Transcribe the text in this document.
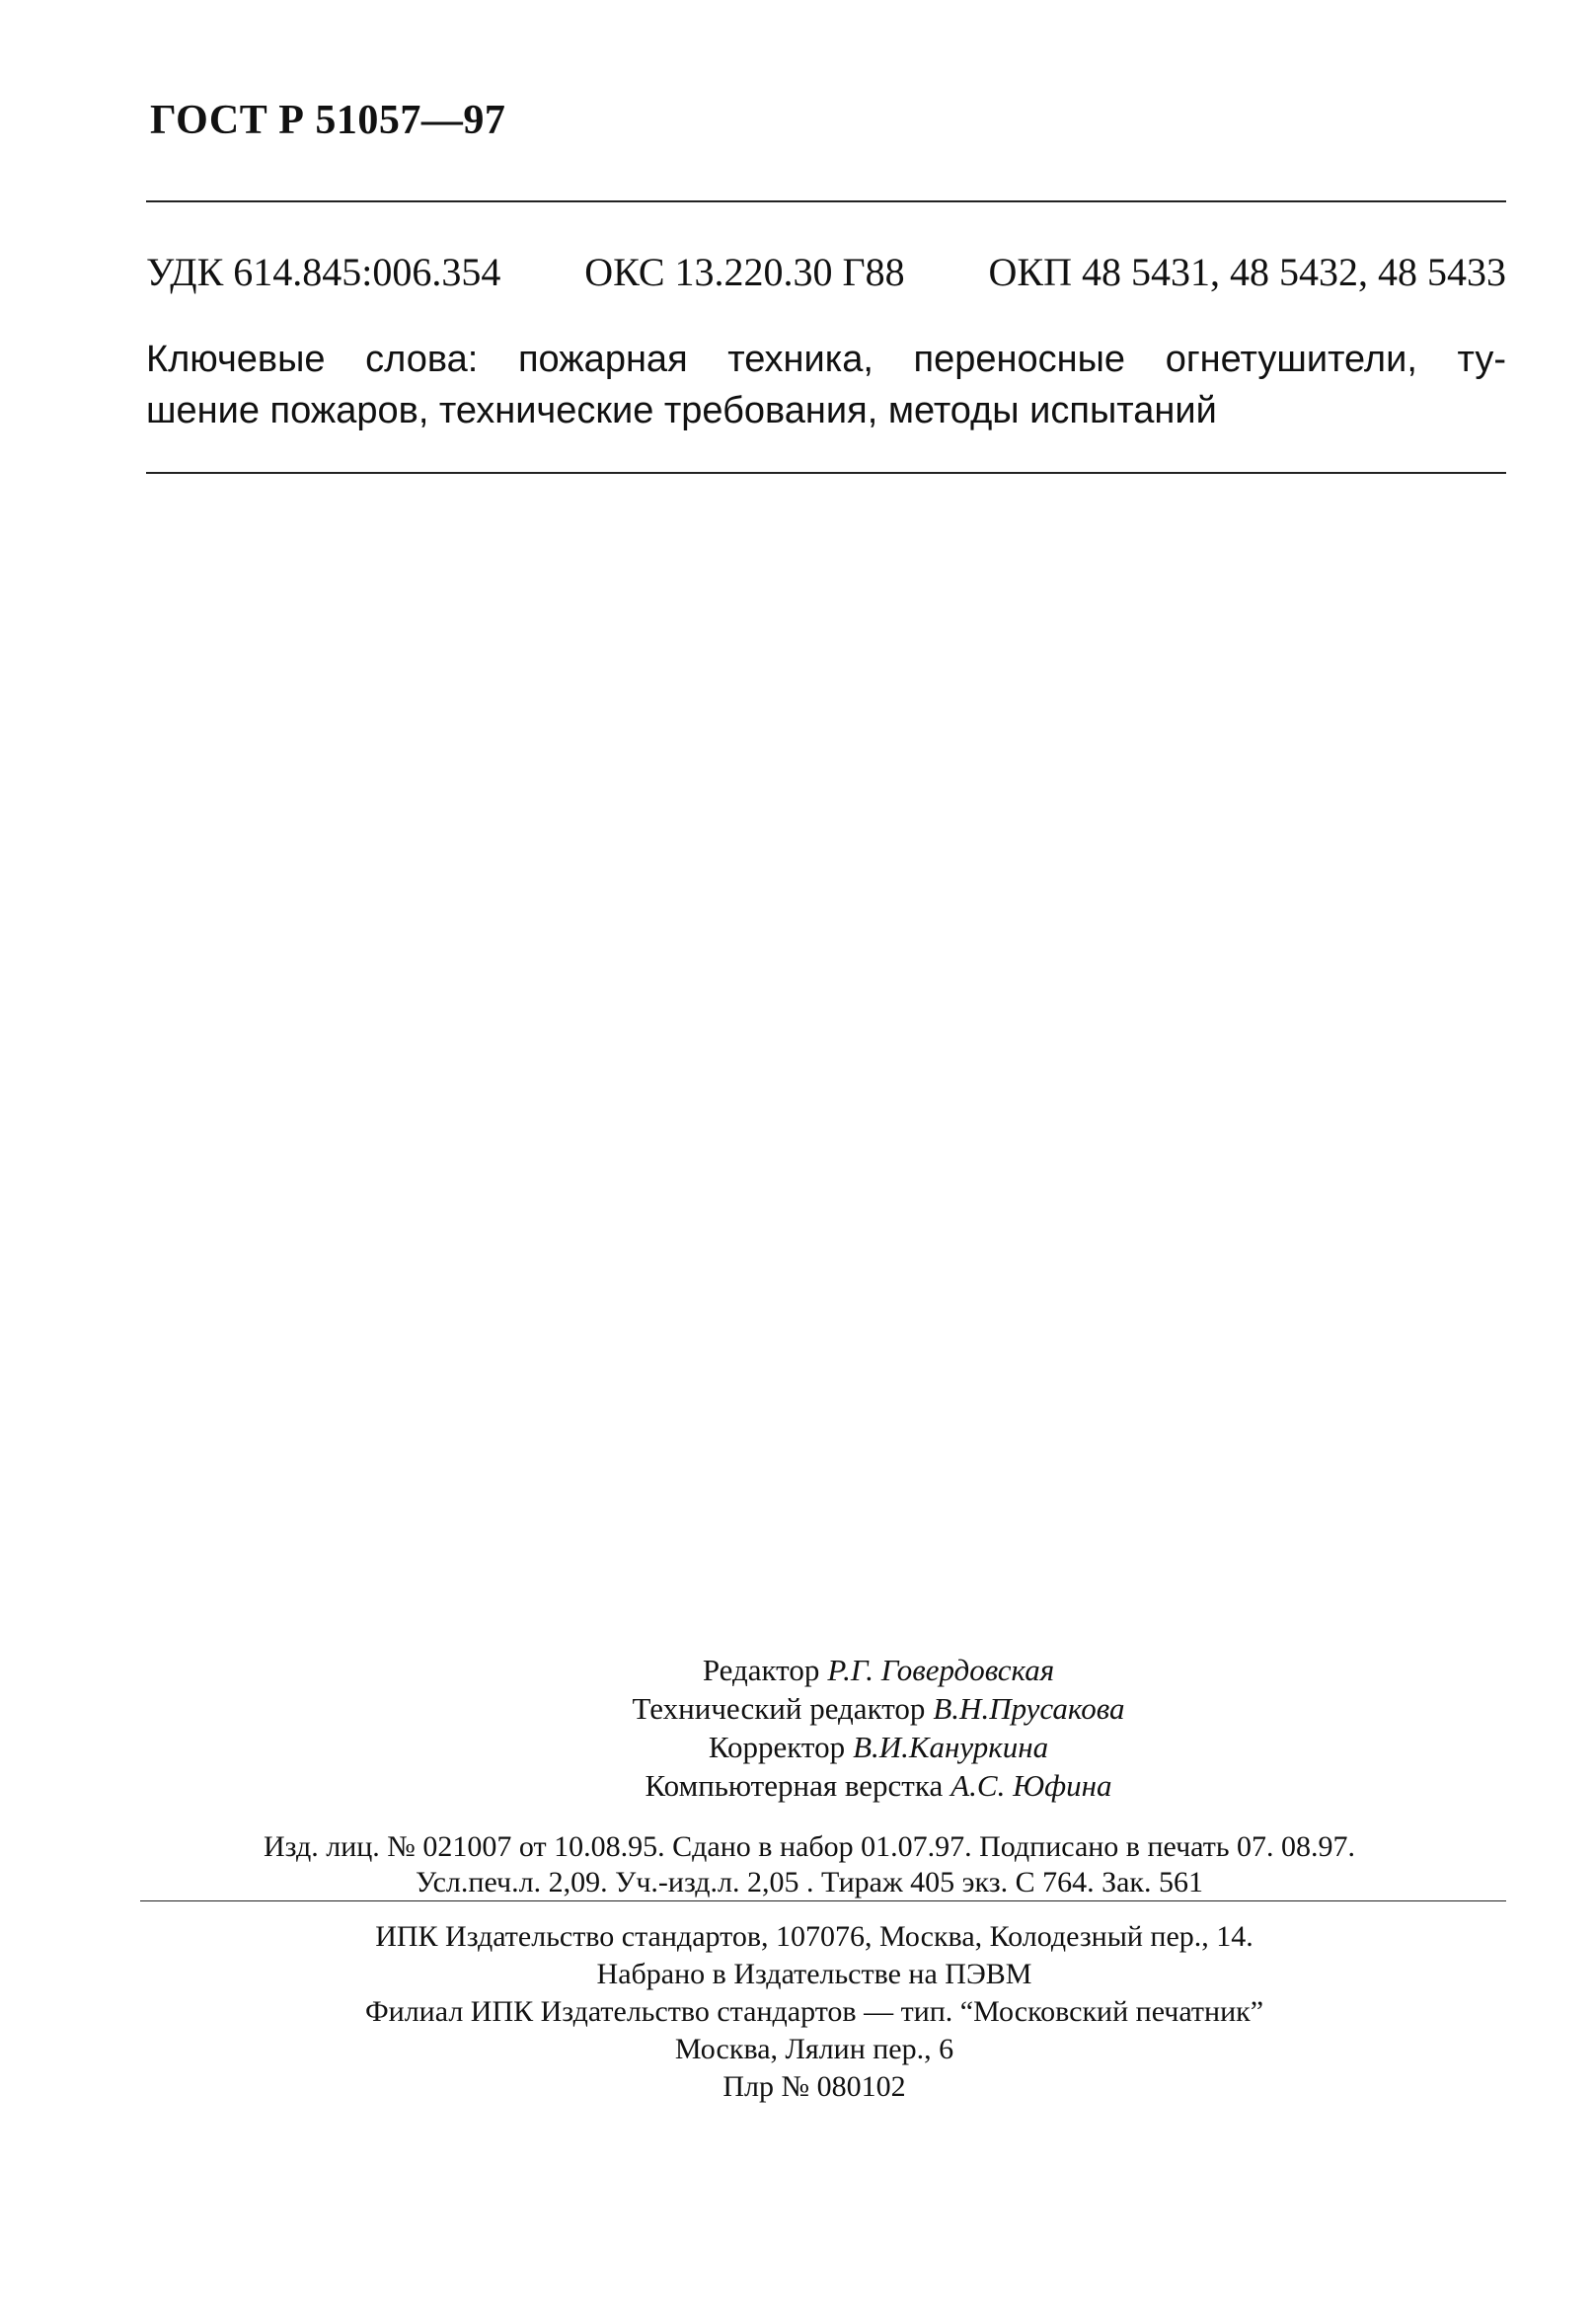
ГОСТ Р 51057—97
УДК 614.845:006.354 ОКС 13.220.30 Г88 ОКП 48 5431, 48 5432, 48 5433
Ключевые слова: пожарная техника, переносные огнетушители, ту-
шение пожаров, технические требования, методы испытаний
Редактор Р.Г. Говердовская
Технический редактор В.Н.Прусакова
Корректор В.И.Кануркина
Компьютерная верстка А.С. Юфина
Изд. лиц. № 021007 от 10.08.95. Сдано в набор 01.07.97. Подписано в печать 07. 08.97.
Усл.печ.л. 2,09. Уч.-изд.л. 2,05 . Тираж 405 экз. С 764. Зак. 561
ИПК Издательство стандартов, 107076, Москва, Колодезный пер., 14.
Набрано в Издательстве на ПЭВМ
Филиал ИПК Издательство стандартов — тип. “Московский печатник”
Москва, Лялин пер., 6
Плр № 080102
